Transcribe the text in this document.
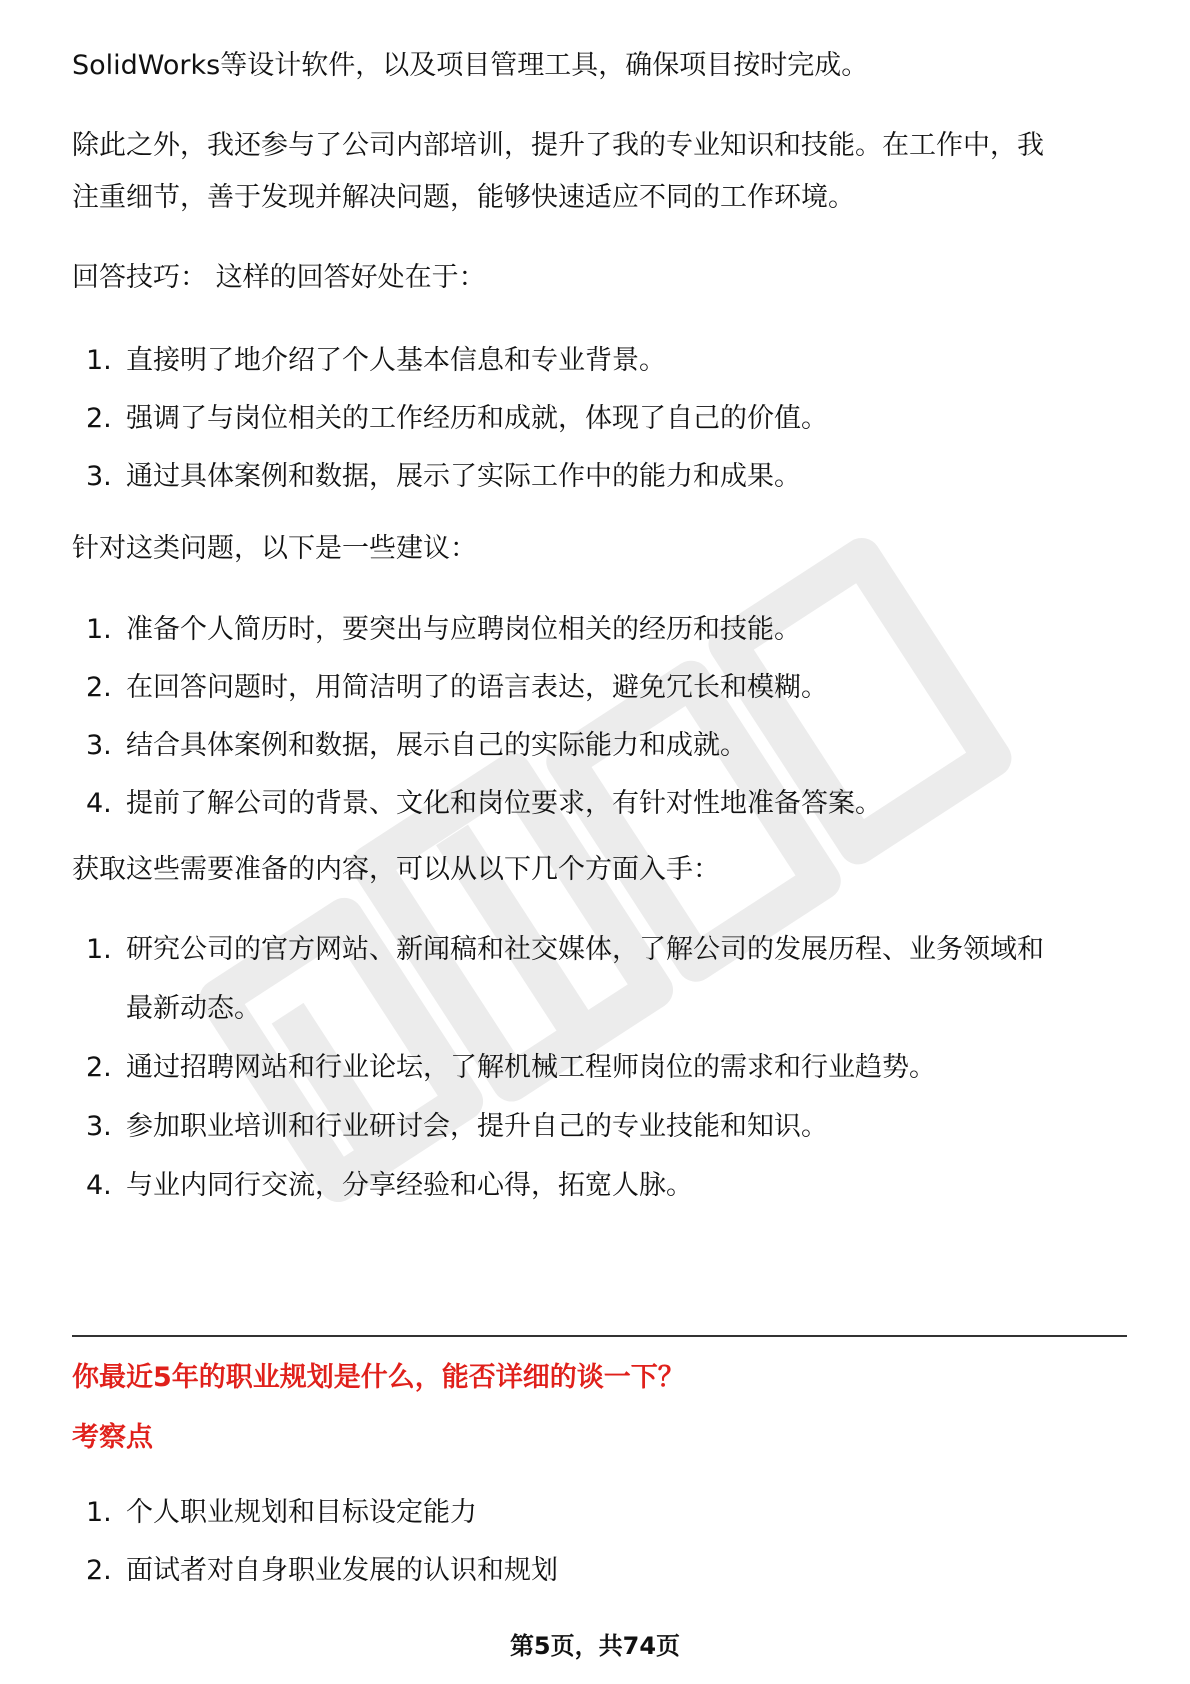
SolidWorks等设计软件，以及项目管理工具，确保项目按时完成。

除此之外，我还参与了公司内部培训，提升了我的专业知识和技能。在工作中，我

注重细节，善于发现并解决问题，能够快速适应不同的工作环境。

回答技巧： 这样的回答好处在于：

1. 直接明了地介绍了个人基本信息和专业背景。
2. 强调了与岗位相关的工作经历和成就，体现了自己的价值。
3. 通过具体案例和数据，展示了实际工作中的能力和成果。

针对这类问题，以下是一些建议：

1. 准备个人简历时，要突出与应聘岗位相关的经历和技能。
2. 在回答问题时，用简洁明了的语言表达，避免冗长和模糊。
3. 结合具体案例和数据，展示自己的实际能力和成就。
4. 提前了解公司的背景、文化和岗位要求，有针对性地准备答案。

获取这些需要准备的内容，可以从以下几个方面入手：

1. 研究公司的官方网站、新闻稿和社交媒体，了解公司的发展历程、业务领域和
最新动态。
2. 通过招聘网站和行业论坛，了解机械工程师岗位的需求和行业趋势。
3. 参加职业培训和行业研讨会，提升自己的专业技能和知识。
4. 与业内同行交流，分享经验和心得，拓宽人脉。
你最近5年的职业规划是什么，能否详细的谈一下？
考察点
1. 个人职业规划和目标设定能力
2. 面试者对自身职业发展的认识和规划
第5页，共74页
